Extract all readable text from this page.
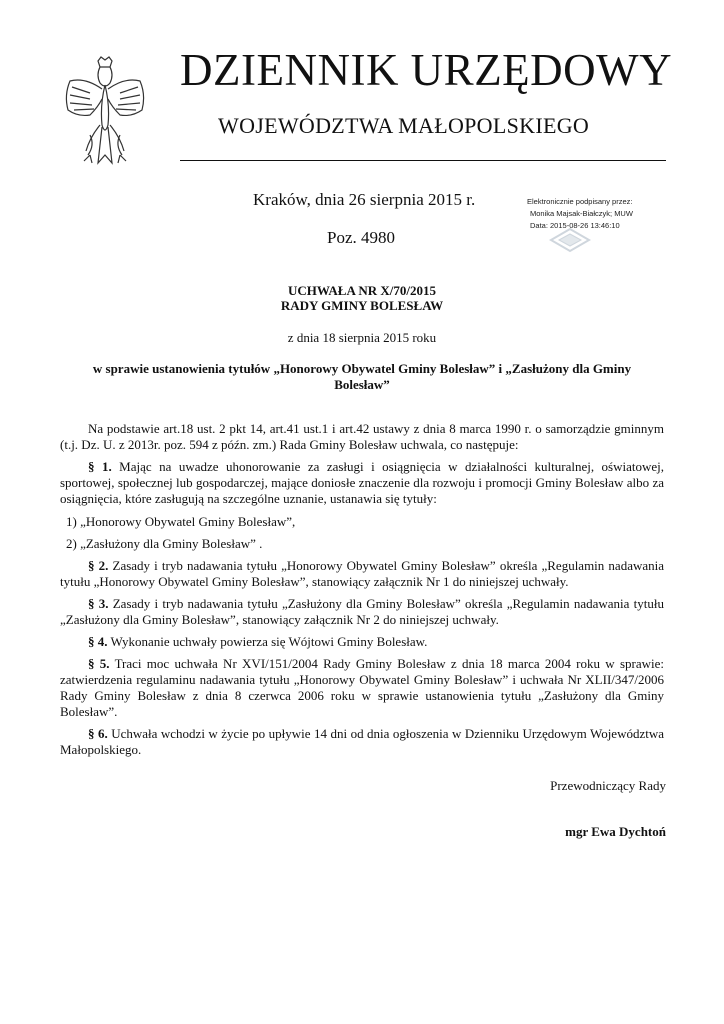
DZIENNIK URZĘDOWY
WOJEWÓDZTWA MAŁOPOLSKIEGO
Kraków, dnia 26 sierpnia 2015 r.
Poz. 4980
Elektronicznie podpisany przez:
Monika Majsak-Białczyk; MUW
Data: 2015-08-26 13:46:10
UCHWAŁA NR X/70/2015
RADY GMINY BOLESŁAW
z dnia 18 sierpnia 2015 roku
w sprawie ustanowienia tytułów „Honorowy Obywatel Gminy Bolesław” i „Zasłużony dla Gminy Bolesław”
Na podstawie art.18 ust. 2 pkt 14, art.41 ust.1 i art.42 ustawy z dnia 8 marca 1990 r. o samorządzie gminnym (t.j. Dz. U. z 2013r. poz. 594 z późn. zm.) Rada Gminy Bolesław uchwala, co następuje:
§ 1. Mając na uwadze uhonorowanie za zasługi i osiągnięcia w działalności kulturalnej, oświatowej, sportowej, społecznej lub gospodarczej, mające doniosłe znaczenie dla rozwoju i promocji Gminy Bolesław albo za osiągnięcia, które zasługują na szczególne uznanie, ustanawia się tytuły:
1) „Honorowy Obywatel Gminy Bolesław”,
2) „Zasłużony dla Gminy Bolesław” .
§ 2. Zasady i tryb nadawania tytułu „Honorowy Obywatel Gminy Bolesław” określa „Regulamin nadawania tytułu „Honorowy Obywatel Gminy Bolesław”, stanowiący załącznik Nr 1 do niniejszej uchwały.
§ 3. Zasady i tryb nadawania tytułu „Zasłużony dla Gminy Bolesław” określa „Regulamin nadawania tytułu „Zasłużony dla Gminy Bolesław”, stanowiący załącznik Nr 2 do niniejszej uchwały.
§ 4. Wykonanie uchwały powierza się Wójtowi Gminy Bolesław.
§ 5. Traci moc uchwała Nr XVI/151/2004 Rady Gminy Bolesław z dnia 18 marca 2004 roku w sprawie: zatwierdzenia regulaminu nadawania tytułu „Honorowy Obywatel Gminy Bolesław” i uchwała Nr XLII/347/2006 Rady Gminy Bolesław z dnia 8 czerwca 2006 roku w sprawie ustanowienia tytułu „Zasłużony dla Gminy Bolesław”.
§ 6. Uchwała wchodzi w życie po upływie 14 dni od dnia ogłoszenia w Dzienniku Urzędowym Województwa Małopolskiego.
Przewodniczący Rady
mgr Ewa Dychtoń
